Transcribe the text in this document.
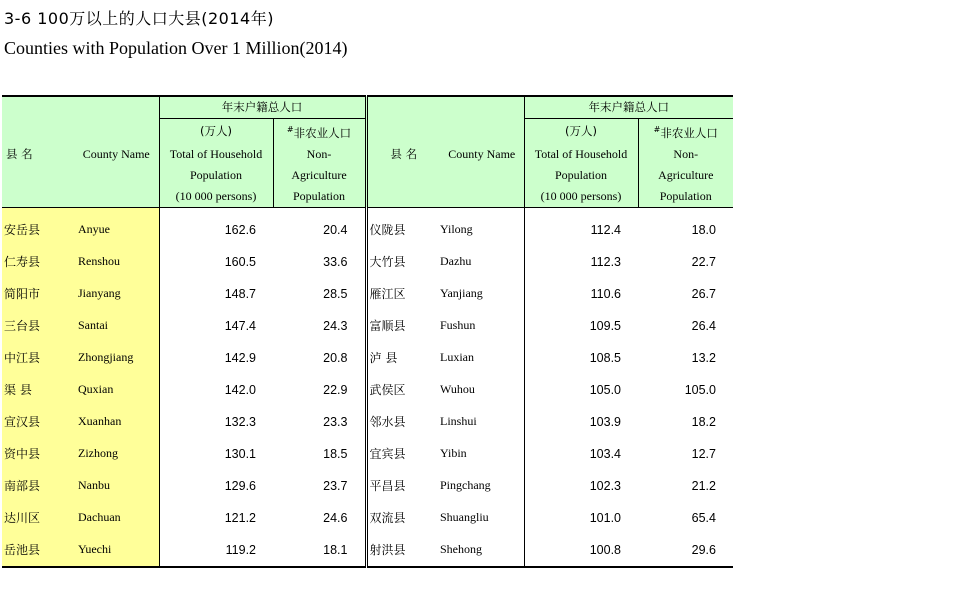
3-6 100万以上的人口大县(2014年)
Counties with Population Over 1 Million(2014)
		年末户籍总人口				年末户籍总人口	
		(万人)	#非农业人口			(万人)	#非农业人口
县 名	County Name	Total of Household	Non-	县 名	County Name	Total of Household	Non-
		Population	Agriculture			Population	Agriculture
		(10 000 persons)	Population			(10 000 persons)	Population
安岳县	Anyue	162.6	20.4	仪陇县	Yilong	112.4	18.0
仁寿县	Renshou	160.5	33.6	大竹县	Dazhu	112.3	22.7
简阳市	Jianyang	148.7	28.5	雁江区	Yanjiang	110.6	26.7
三台县	Santai	147.4	24.3	富顺县	Fushun	109.5	26.4
中江县	Zhongjiang	142.9	20.8	泸 县	Luxian	108.5	13.2
渠 县	Quxian	142.0	22.9	武侯区	Wuhou	105.0	105.0
宣汉县	Xuanhan	132.3	23.3	邻水县	Linshui	103.9	18.2
资中县	Zizhong	130.1	18.5	宜宾县	Yibin	103.4	12.7
南部县	Nanbu	129.6	23.7	平昌县	Pingchang	102.3	21.2
达川区	Dachuan	121.2	24.6	双流县	Shuangliu	101.0	65.4
岳池县	Yuechi	119.2	18.1	射洪县	Shehong	100.8	29.6
